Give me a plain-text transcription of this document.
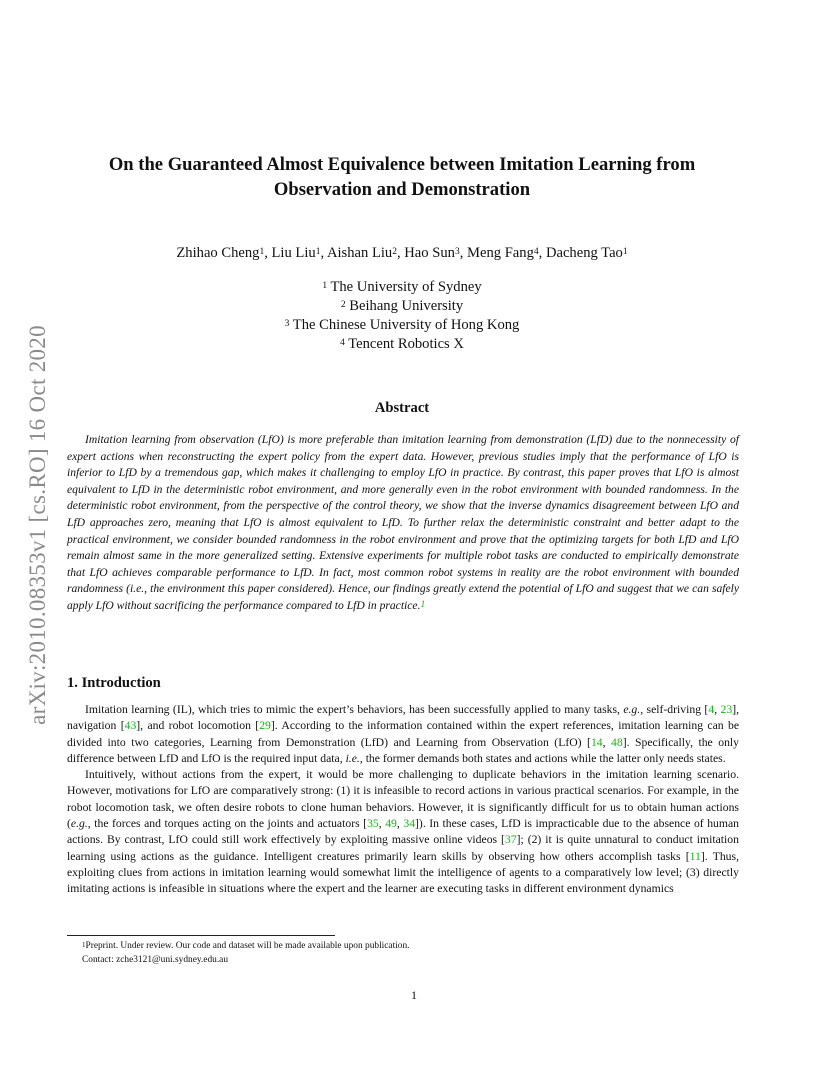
arXiv:2010.08353v1 [cs.RO] 16 Oct 2020
On the Guaranteed Almost Equivalence between Imitation Learning from
Observation and Demonstration
Zhihao Cheng$^1$, Liu Liu$^1$, Aishan Liu$^2$, Hao Sun$^3$, Meng Fang$^4$, Dacheng Tao$^1$
$^1$ The University of Sydney
$^2$ Beihang University
$^3$ The Chinese University of Hong Kong
$^4$ Tencent Robotics X
Abstract
Imitation learning from observation (LfO) is more preferable than imitation learning from demonstration (LfD) due to the nonnecessity of expert actions when reconstructing the expert policy from the expert data. However, previous studies imply that the performance of LfO is inferior to LfD by a tremendous gap, which makes it challenging to employ LfO in practice. By contrast, this paper proves that LfO is almost equivalent to LfD in the deterministic robot environment, and more generally even in the robot environment with bounded randomness. In the deterministic robot environment, from the perspective of the control theory, we show that the inverse dynamics disagreement between LfO and LfD approaches zero, meaning that LfO is almost equivalent to LfD. To further relax the deterministic constraint and better adapt to the practical environment, we consider bounded randomness in the robot environment and prove that the optimizing targets for both LfD and LfO remain almost same in the more generalized setting. Extensive experiments for multiple robot tasks are conducted to empirically demonstrate that LfO achieves comparable performance to LfD. In fact, most common robot systems in reality are the robot environment with bounded randomness (i.e., the environment this paper considered). Hence, our findings greatly extend the potential of LfO and suggest that we can safely apply LfO without sacrificing the performance compared to LfD in practice.$^1$
1. Introduction

Imitation learning (IL), which tries to mimic the expert’s behaviors, has been successfully applied to many tasks, e.g., self-driving [4, 23], navigation [43], and robot locomotion [29]. According to the information contained within the expert references, imitation learning can be divided into two categories, Learning from Demonstration (LfD) and Learning from Observation (LfO) [14, 48]. Specifically, the only difference between LfD and LfO is the required input data, i.e., the former demands both states and actions while the latter only needs states.

Intuitively, without actions from the expert, it would be more challenging to duplicate behaviors in the imitation learning scenario. However, motivations for LfO are comparatively strong: (1) it is infeasible to record actions in various practical scenarios. For example, in the robot locomotion task, we often desire robots to clone human behaviors. However, it is significantly difficult for us to obtain human actions (e.g., the forces and torques acting on the joints and actuators [35, 49, 34]). In these cases, LfD is impracticable due to the absence of human actions. By contrast, LfO could still work effectively by exploiting massive online videos [37]; (2) it is quite unnatural to conduct imitation learning using actions as the guidance. Intelligent creatures primarily learn skills by observing how others accomplish tasks [11]. Thus, exploiting clues from actions in imitation learning would somewhat limit the intelligence of agents to a comparatively low level; (3) directly imitating actions is infeasible in situations where the expert and the learner are executing tasks in different environment dynamics

$^1$Preprint. Under review. Our code and dataset will be made available upon publication.
Contact: zche3121@uni.sydney.edu.au
1
